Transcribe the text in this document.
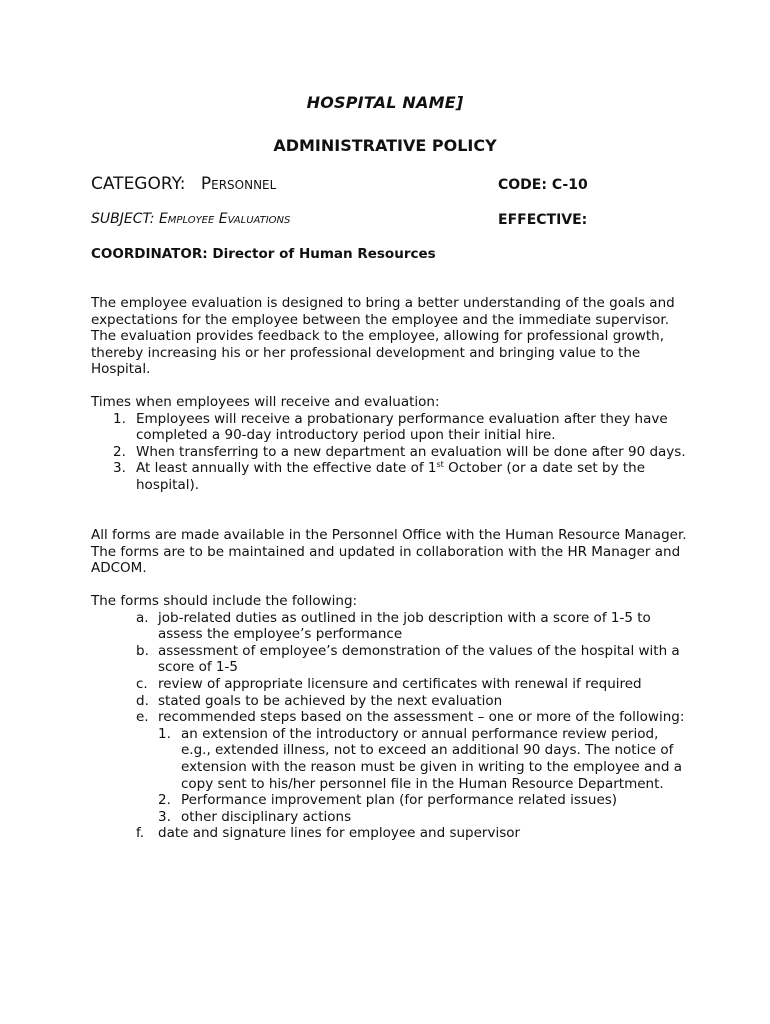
HOSPITAL NAME]
ADMINISTRATIVE POLICY
CATEGORY: Personnel	CODE: C-10
SUBJECT: Employee Evaluations	EFFECTIVE:
COORDINATOR: Director of Human Resources

The employee evaluation is designed to bring a better understanding of the goals and expectations for the employee between the employee and the immediate supervisor. The evaluation provides feedback to the employee, allowing for professional growth, thereby increasing his or her professional development and bringing value to the Hospital.

Times when employees will receive and evaluation:

1. Employees will receive a probationary performance evaluation after they have completed a 90-day introductory period upon their initial hire.
2. When transferring to a new department an evaluation will be done after 90 days.
3. At least annually with the effective date of 1st October (or a date set by the hospital).

All forms are made available in the Personnel Office with the Human Resource Manager. The forms are to be maintained and updated in collaboration with the HR Manager and ADCOM.

The forms should include the following:

a. job-related duties as outlined in the job description with a score of 1-5 to assess the employee’s performance
b. assessment of employee’s demonstration of the values of the hospital with a score of 1-5
c. review of appropriate licensure and certificates with renewal if required
d. stated goals to be achieved by the next evaluation
e. recommended steps based on the assessment – one or more of the following:
1. an extension of the introductory or annual performance review period, e.g., extended illness, not to exceed an additional 90 days. The notice of extension with the reason must be given in writing to the employee and a copy sent to his/her personnel file in the Human Resource Department.
2. Performance improvement plan (for performance related issues)
3. other disciplinary actions
f. date and signature lines for employee and supervisor
